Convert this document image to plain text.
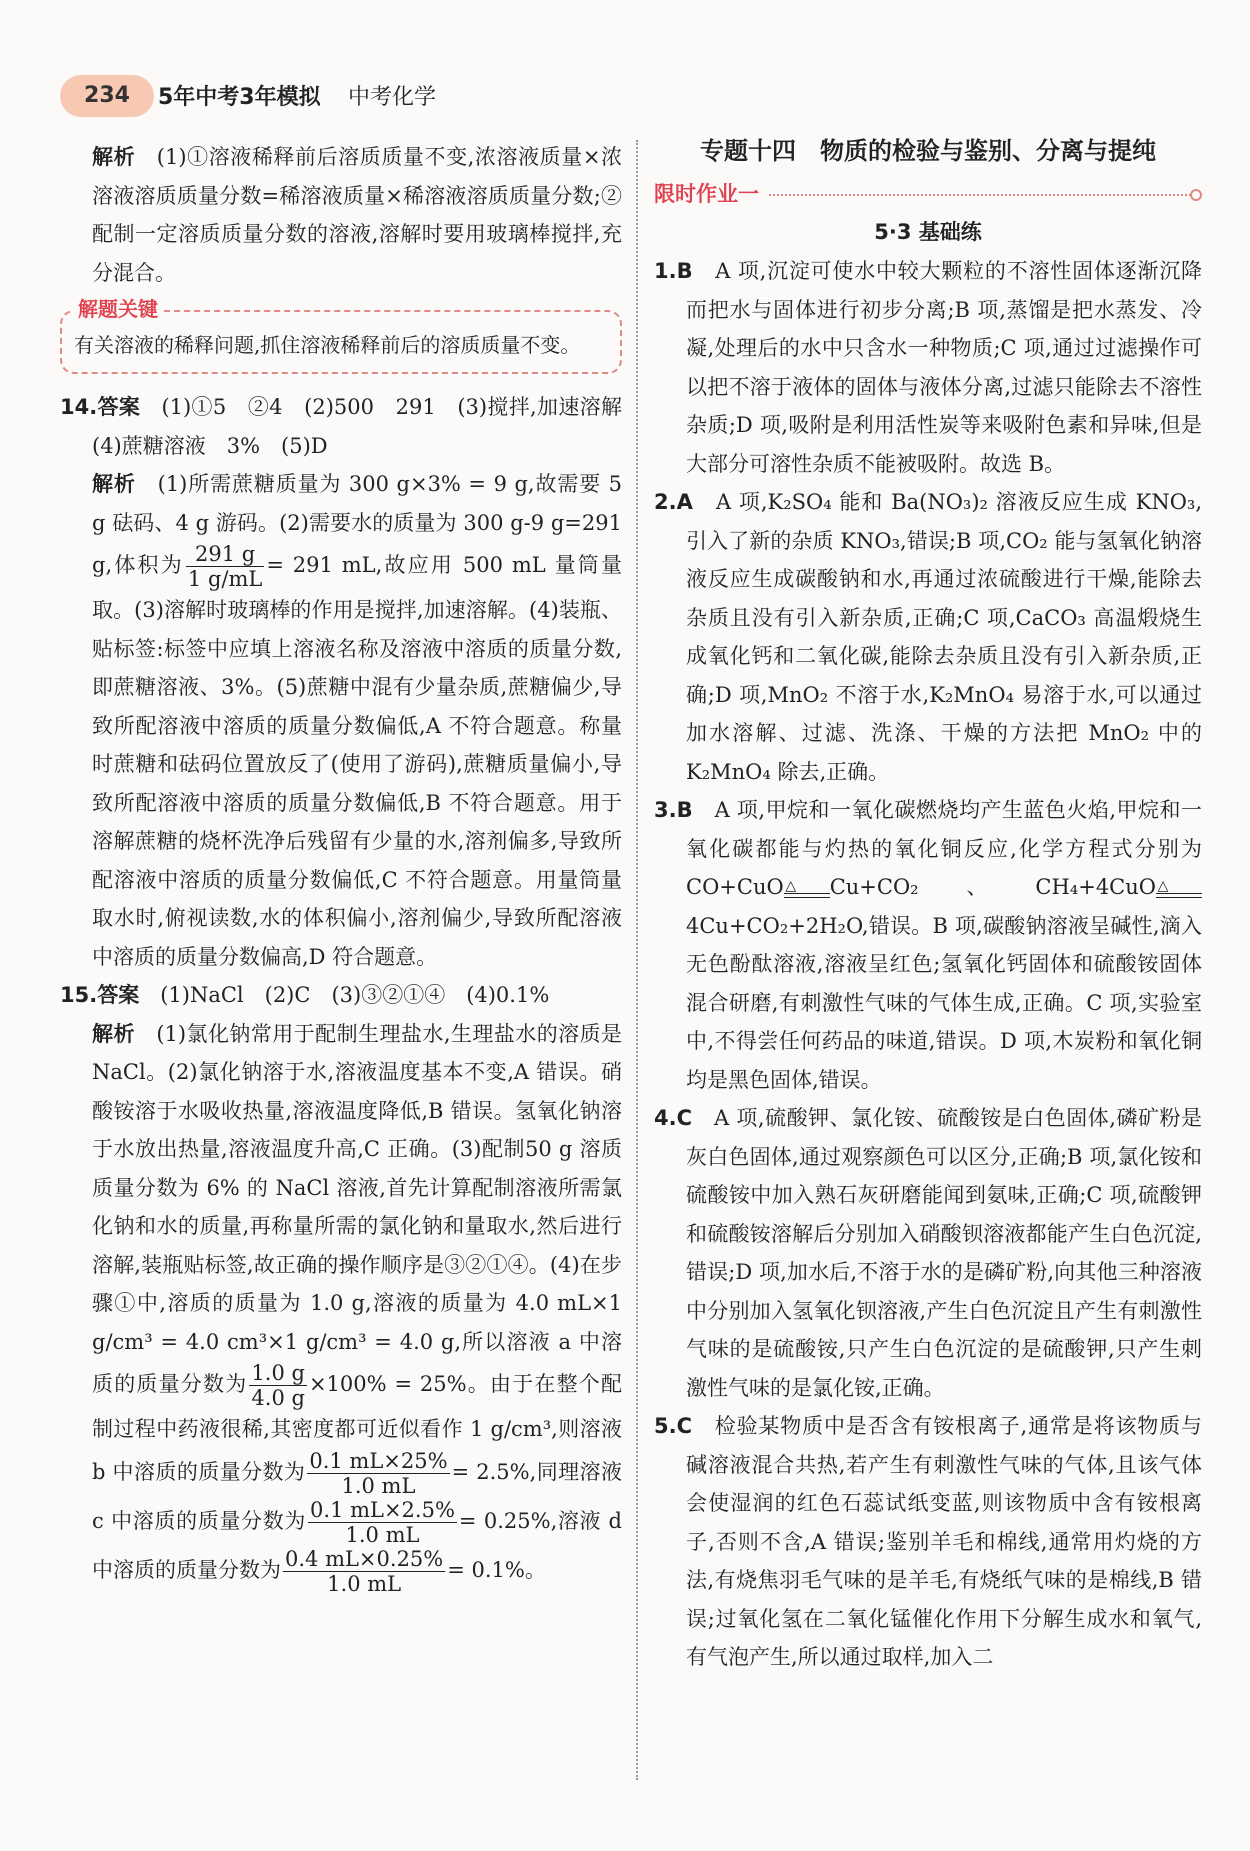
234	5年中考3年模拟 中考化学

解析　 (1)①溶液稀释前后溶质质量不变,浓溶液质量×浓溶液溶质质量分数=稀溶液质量×稀溶液溶质质量分数;②配制一定溶质质量分数的溶液,溶解时要用玻璃棒搅拌,充分混合。

解题关键
有关溶液的稀释问题,抓住溶液稀释前后的溶质质量不变。

14.答案　 (1)①5　②4　(2)500　291　(3)搅拌,加速溶解　(4)蔗糖溶液　3%　(5)D

解析　 (1)所需蔗糖质量为 300 g×3% = 9 g,故需要 5 g 砝码、4 g 游码。(2)需要水的质量为 300 g-9 g=291 g,体积为 $\frac{291 g}{1 g/mL} = 291$ mL,故应用 500 mL 量筒量取。(3)溶解时玻璃棒的作用是搅拌,加速溶解。(4)装瓶、贴标签:标签中应填上溶液名称及溶液中溶质的质量分数,即蔗糖溶液、3%。(5)蔗糖中混有少量杂质,蔗糖偏少,导致所配溶液中溶质的质量分数偏低,A 不符合题意。称量时蔗糖和砝码位置放反了(使用了游码),蔗糖质量偏小,导致所配溶液中溶质的质量分数偏低,B 不符合题意。用于溶解蔗糖的烧杯洗净后残留有少量的水,溶剂偏多,导致所配溶液中溶质的质量分数偏低,C 不符合题意。用量筒量取水时,俯视读数,水的体积偏小,溶剂偏少,导致所配溶液中溶质的质量分数偏高,D 符合题意。

15.答案　 (1)NaCl　(2)C　(3)③②①④　(4)0.1%

解析　 (1)氯化钠常用于配制生理盐水,生理盐水的溶质是 NaCl。(2)氯化钠溶于水,溶液温度基本不变,A 错误。硝酸铵溶于水吸收热量,溶液温度降低,B 错误。氢氧化钠溶于水放出热量,溶液温度升高,C 正确。(3)配制50 g 溶质质量分数为 6% 的 NaCl 溶液,首先计算配制溶液所需氯化钠和水的质量,再称量所需的氯化钠和量取水,然后进行溶解,装瓶贴标签,故正确的操作顺序是③②①④。(4)在步骤①中,溶质的质量为 1.0 g,溶液的质量为 4.0 mL×1 g/cm³ = 4.0 cm³×1 g/cm³ = 4.0 g,所以溶液 a 中溶质的质量分数为 $\frac{1.0 g}{4.0 g} \times 100\% = 25\%$。由于在整个配制过程中药液很稀,其密度都可近似看作 1 g/cm³,则溶液 b 中溶质的质量分数为 $\frac{0.1 mL\times 25\%}{1.0 mL} = 2.5\%$,同理溶液 c 中溶质的质量分数为 $\frac{0.1 mL\times 2.5\%}{1.0 mL} = 0.25\%$,溶液 d 中溶质的质量分数为 $\frac{0.4 mL\times 0.25\%}{1.0 mL} = 0.1\%$。

专题十四　物质的检验与鉴别、分离与提纯
限时作业一
5·3 基础练

1.B　 A 项,沉淀可使水中较大颗粒的不溶性固体逐渐沉降而把水与固体进行初步分离;B 项,蒸馏是把水蒸发、冷凝,处理后的水中只含水一种物质;C 项,通过过滤操作可以把不溶于液体的固体与液体分离,过滤只能除去不溶性杂质;D 项,吸附是利用活性炭等来吸附色素和异味,但是大部分可溶性杂质不能被吸附。故选 B。

2.A　 A 项,K₂SO₄ 能和 Ba(NO₃)₂ 溶液反应生成 KNO₃,引入了新的杂质 KNO₃,错误;B 项,CO₂ 能与氢氧化钠溶液反应生成碳酸钠和水,再通过浓硫酸进行干燥,能除去杂质且没有引入新杂质,正确;C 项,CaCO₃ 高温煅烧生成氧化钙和二氧化碳,能除去杂质且没有引入新杂质,正确;D 项,MnO₂ 不溶于水,K₂MnO₄ 易溶于水,可以通过加水溶解、过滤、洗涤、干燥的方法把 MnO₂ 中的 K₂MnO₄ 除去,正确。

3.B　 A 项,甲烷和一氧化碳燃烧均产生蓝色火焰,甲烷和一氧化碳都能与灼热的氧化铜反应,化学方程式分别为 CO+CuO △	Cu+CO₂、CH₄+4CuO △
4Cu+CO₂+2H₂O,错误。B 项,碳酸钠溶液呈碱性,滴入无色酚酞溶液,溶液呈红色;氢氧化钙固体和硫酸铵固体混合研磨,有刺激性气味的气体生成,正确。C 项,实验室中,不得尝任何药品的味道,错误。D 项,木炭粉和氧化铜均是黑色固体,错误。

4.C　 A 项,硫酸钾、氯化铵、硫酸铵是白色固体,磷矿粉是灰白色固体,通过观察颜色可以区分,正确;B 项,氯化铵和硫酸铵中加入熟石灰研磨能闻到氨味,正确;C 项,硫酸钾和硫酸铵溶解后分别加入硝酸钡溶液都能产生白色沉淀,错误;D 项,加水后,不溶于水的是磷矿粉,向其他三种溶液中分别加入氢氧化钡溶液,产生白色沉淀且产生有刺激性气味的是硫酸铵,只产生白色沉淀的是硫酸钾,只产生刺激性气味的是氯化铵,正确。

5.C　 检验某物质中是否含有铵根离子,通常是将该物质与碱溶液混合共热,若产生有刺激性气味的气体,且该气体会使湿润的红色石蕊试纸变蓝,则该物质中含有铵根离子,否则不含,A 错误;鉴别羊毛和棉线,通常用灼烧的方法,有烧焦羽毛气味的是羊毛,有烧纸气味的是棉线,B 错误;过氧化氢在二氧化锰催化作用下分解生成水和氧气,有气泡产生,所以通过取样,加入二
